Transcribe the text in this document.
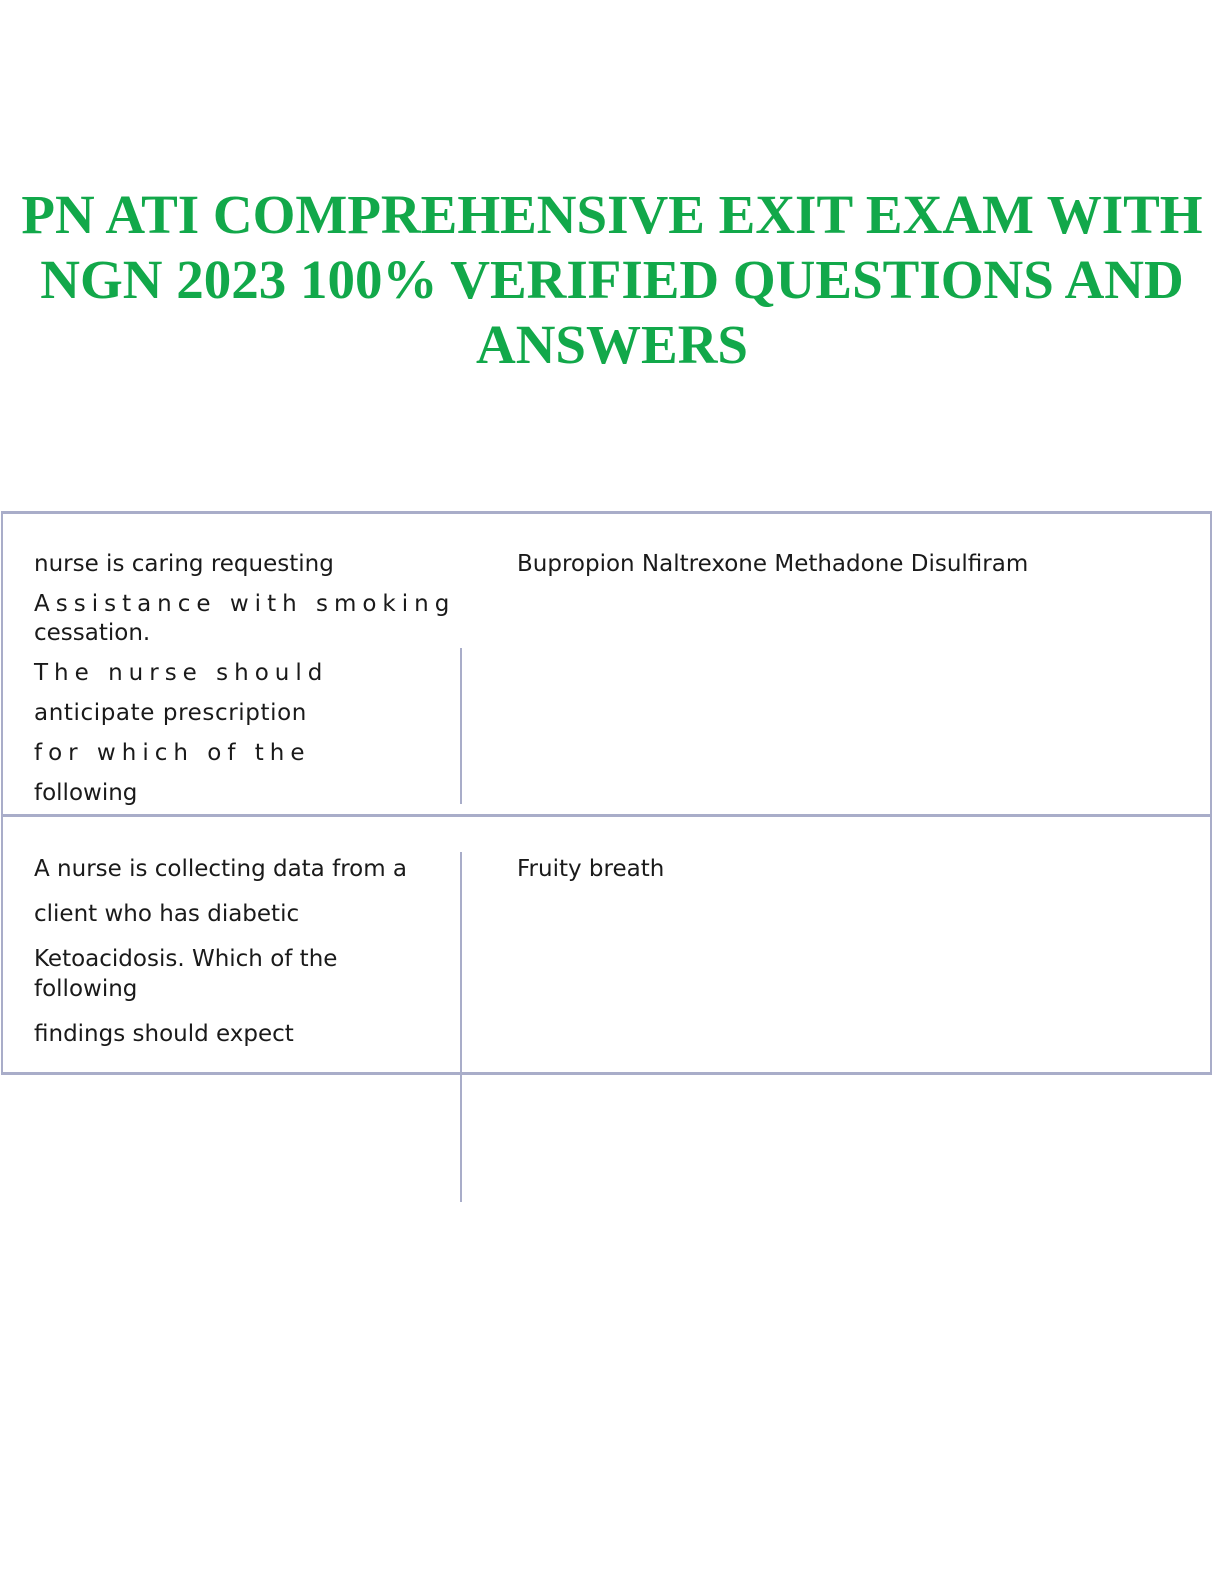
PN ATI COMPREHENSIVE EXIT EXAM WITH
NGN 2023 100% VERIFIED QUESTIONS AND
ANSWERS
nurse is caring requesting
Assistance with smoking
cessation.
The nurse should
anticipate prescription
for which of the
following
Bupropion Naltrexone Methadone Disulfiram
A nurse is collecting data from a
client who has diabetic
Ketoacidosis. Which of the
following
findings should expect
Fruity breath
